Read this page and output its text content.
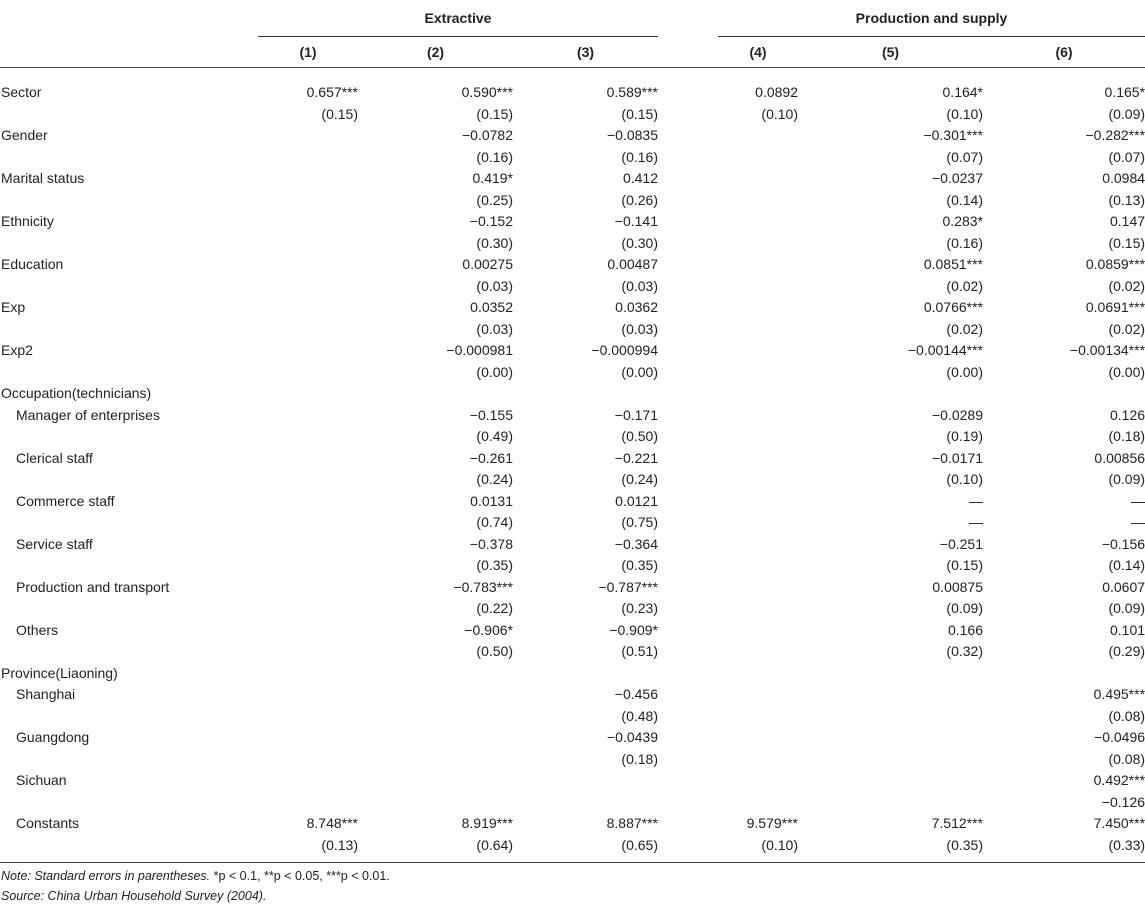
	Extractive				Production and supply		
	(1)	(2)	(3)		(4)	(5)	(6)
Sector	0.657***	0.590***	0.589***		0.0892	0.164*	0.165*
	(0.15)	(0.15)	(0.15)		(0.10)	(0.10)	(0.09)
Gender		−0.0782	−0.0835			−0.301***	−0.282***
		(0.16)	(0.16)			(0.07)	(0.07)
Marital status		0.419*	0.412			−0.0237	0.0984
		(0.25)	(0.26)			(0.14)	(0.13)
Ethnicity		−0.152	−0.141			0.283*	0.147
		(0.30)	(0.30)			(0.16)	(0.15)
Education		0.00275	0.00487			0.0851***	0.0859***
		(0.03)	(0.03)			(0.02)	(0.02)
Exp		0.0352	0.0362			0.0766***	0.0691***
		(0.03)	(0.03)			(0.02)	(0.02)
Exp2		−0.000981	−0.000994			−0.00144***	−0.00134***
		(0.00)	(0.00)			(0.00)	(0.00)
Occupation(technicians)							
Manager of enterprises		−0.155	−0.171			−0.0289	0.126
		(0.49)	(0.50)			(0.19)	(0.18)
Clerical staff		−0.261	−0.221			−0.0171	0.00856
		(0.24)	(0.24)			(0.10)	(0.09)
Commerce staff		0.0131	0.0121			—	—
		(0.74)	(0.75)			—	—
Service staff		−0.378	−0.364			−0.251	−0.156
		(0.35)	(0.35)			(0.15)	(0.14)
Production and transport		−0.783***	−0.787***			0.00875	0.0607
		(0.22)	(0.23)			(0.09)	(0.09)
Others		−0.906*	−0.909*			0.166	0.101
		(0.50)	(0.51)			(0.32)	(0.29)
Province(Liaoning)							
Shanghai			−0.456				0.495***
			(0.48)				(0.08)
Guangdong			−0.0439				−0.0496
			(0.18)				(0.08)
Sichuan							0.492***
							−0.126
Constants	8.748***	8.919***	8.887***		9.579***	7.512***	7.450***
	(0.13)	(0.64)	(0.65)		(0.10)	(0.35)	(0.33)
Note: Standard errors in parentheses. *p < 0.1, **p < 0.05, ***p < 0.01.
Source: China Urban Household Survey (2004).
